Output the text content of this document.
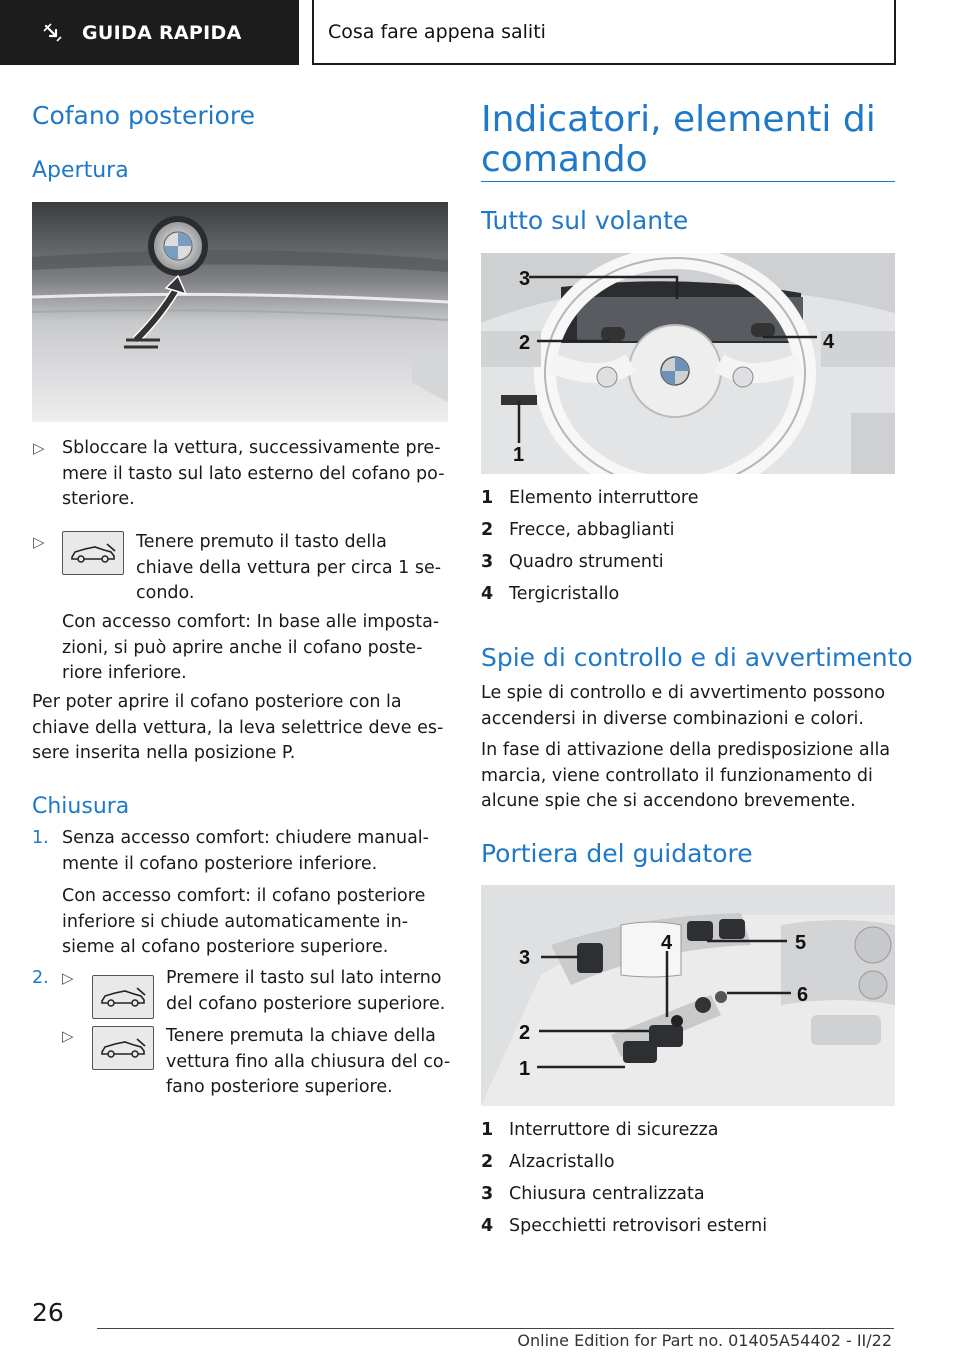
GUIDA RAPIDA	Cosa fare appena saliti
Cofano posteriore
Apertura
▷ Sbloccare la vettura, successivamente pre-
mere il tasto sul lato esterno del cofano po-
steriore.
▷	Tenere premuto il tasto della
chiave della vettura per circa 1 se-
condo.
Con accesso comfort: In base alle imposta-
zioni, si può aprire anche il cofano poste-
riore inferiore.
Per poter aprire il cofano posteriore con la
chiave della vettura, la leva selettrice deve es-
sere inserita nella posizione P.
Chiusura
1. Senza accesso comfort: chiudere manual-
mente il cofano posteriore inferiore.
Con accesso comfort: il cofano posteriore
inferiore si chiude automaticamente in-
sieme al cofano posteriore superiore.
2. ▷	Premere il tasto sul lato interno
del cofano posteriore superiore.
▷	Tenere premuta la chiave della
vettura fino alla chiusura del co-
fano posteriore superiore.
Indicatori, elementi di
comando
Tutto sul volante
3
2	4
1
1 Elemento interruttore
2 Frecce, abbaglianti
3 Quadro strumenti
4 Tergicristallo
Spie di controllo e di avvertimento
Le spie di controllo e di avvertimento possono
accendersi in diverse combinazioni e colori.
In fase di attivazione della predisposizione alla
marcia, viene controllato il funzionamento di
alcune spie che si accendono brevemente.
Portiera del guidatore
3
4	5
6
2
1
1 Interruttore di sicurezza
2 Alzacristallo
3 Chiusura centralizzata
4 Specchietti retrovisori esterni
26
Online Edition for Part no. 01405A54402 - II/22
